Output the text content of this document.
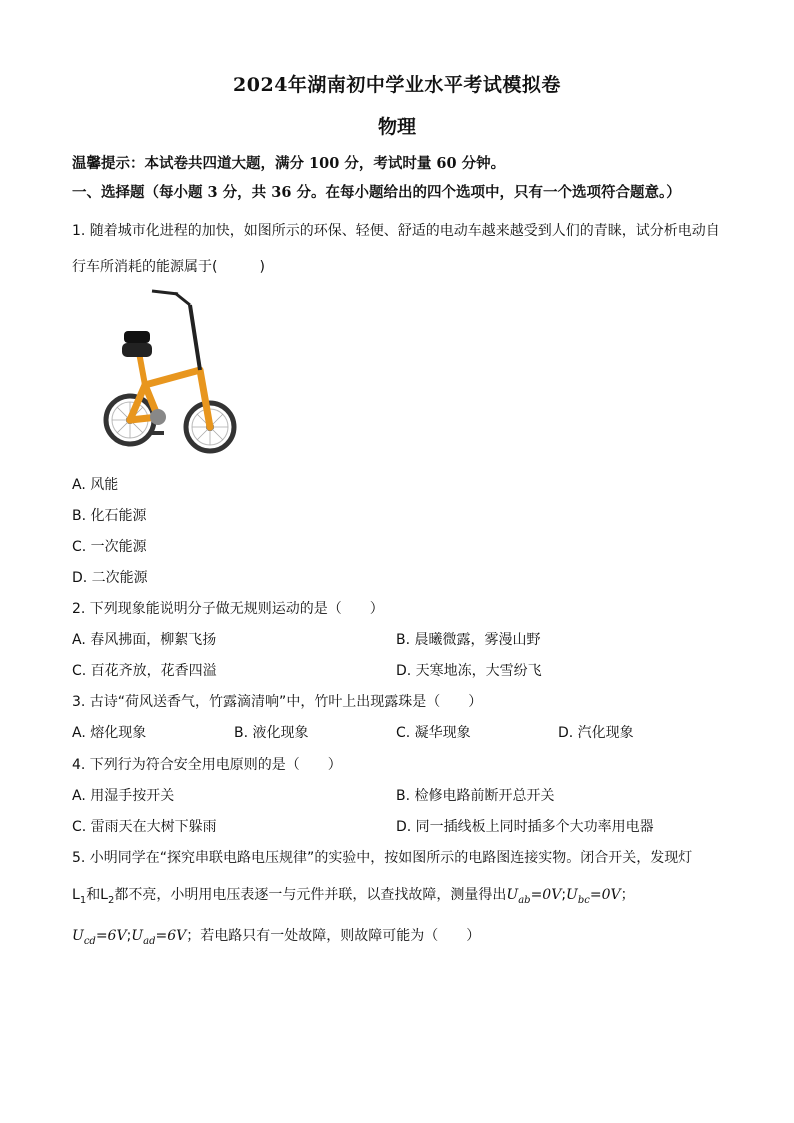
2024年湖南初中学业水平考试模拟卷
物理
温馨提示：本试卷共四道大题，满分 100 分，考试时量 60 分钟。
一、选择题（每小题 3 分，共 36 分。在每小题给出的四个选项中，只有一个选项符合题意。）
1. 随着城市化进程的加快，如图所示的环保、轻便、舒适的电动车越来越受到人们的青睐，试分析电动自
行车所消耗的能源属于(　　　)
A. 风能
B. 化石能源
C. 一次能源
D. 二次能源
2. 下列现象能说明分子做无规则运动的是（　　）
A. 春风拂面，柳絮飞扬	B. 晨曦微露，雾漫山野
C. 百花齐放，花香四溢	D. 天寒地冻，大雪纷飞
3. 古诗“荷风送香气，竹露滴清响”中，竹叶上出现露珠是（　　）
A. 熔化现象	B. 液化现象	C. 凝华现象	D. 汽化现象
4. 下列行为符合安全用电原则的是（　　）
A. 用湿手按开关	B. 检修电路前断开总开关
C. 雷雨天在大树下躲雨	D. 同一插线板上同时插多个大功率用电器
5. 小明同学在“探究串联电路电压规律”的实验中，按如图所示的电路图连接实物。闭合开关，发现灯
$L_1$和$L_2$都不亮，小明用电压表逐一与元件并联，以查找故障，测量得出$U_{ab}=0V;U_{bc}=0V$；
$U_{cd}=6V;U_{ad}=6V$；若电路只有一处故障，则故障可能为（　　）
